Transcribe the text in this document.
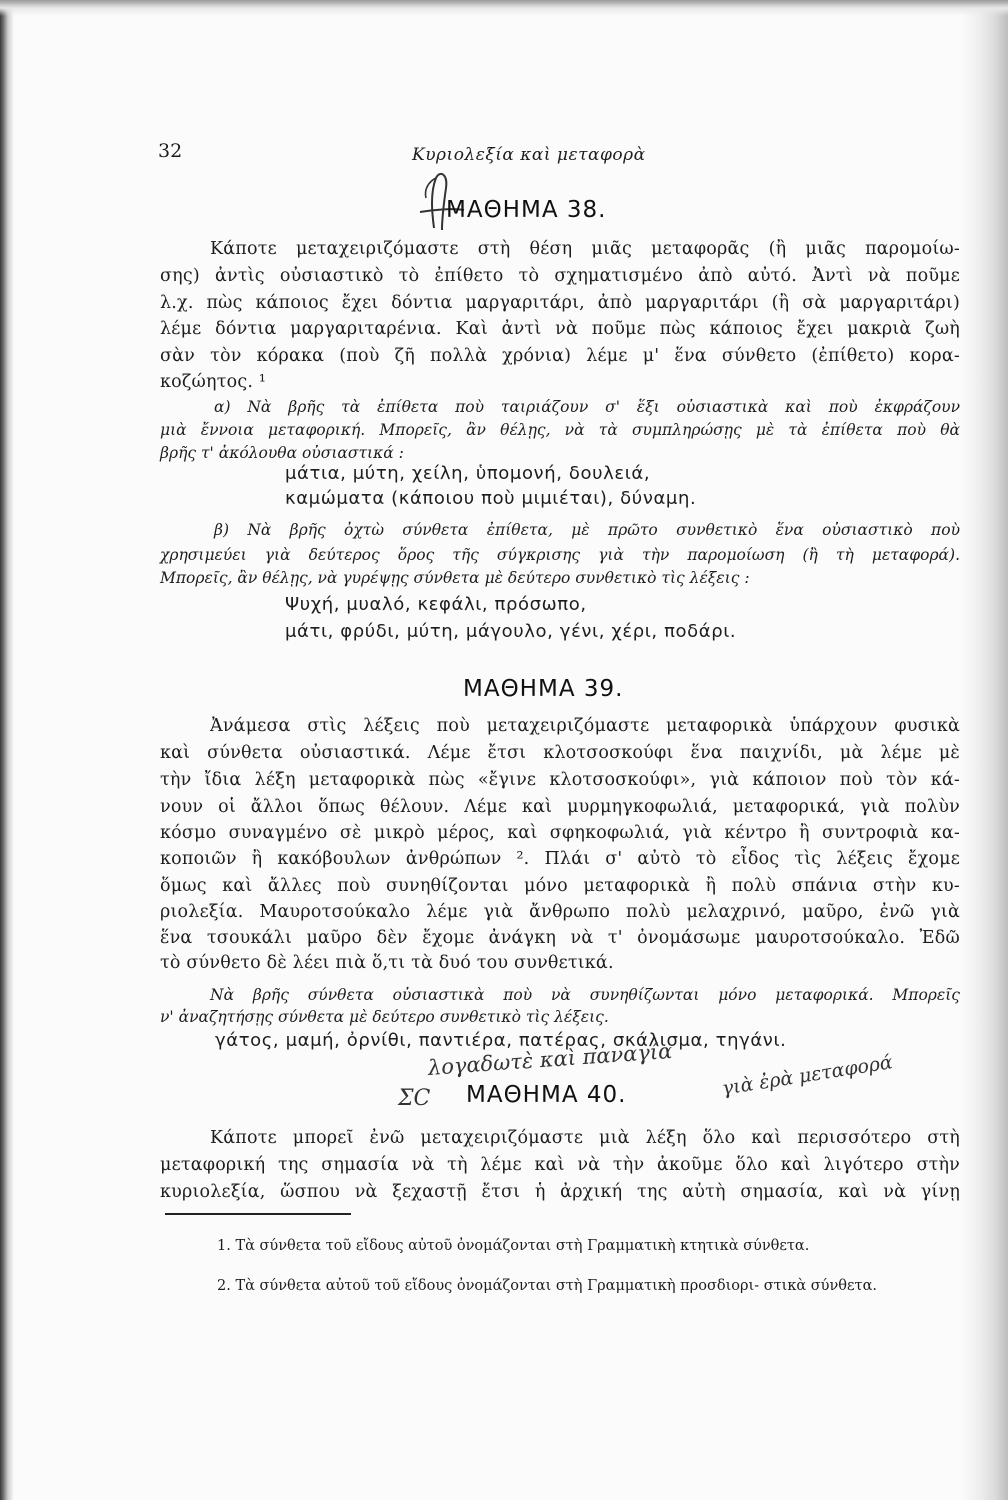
32	Κυριολεξία καὶ μεταφορὰ
ΜΑΘΗΜΑ 38.
Κάποτε μεταχειριζόμαστε στὴ θέση μιᾶς μεταφορᾶς (ἢ μιᾶς παρομοίω-
σης) ἀντὶς οὐσιαστικὸ τὸ ἐπίθετο τὸ σχηματισμένο ἀπὸ αὐτό. Ἀντὶ νὰ ποῦμε
λ.χ. πὼς κάποιος ἔχει δόντια μαργαριτάρι, ἀπὸ μαργαριτάρι (ἢ σὰ μαργαριτάρι)
λέμε δόντια μαργαριταρένια. Καὶ ἀντὶ νὰ ποῦμε πὼς κάποιος ἔχει μακριὰ ζωὴ
σὰν τὸν κόρακα (ποὺ ζῆ πολλὰ χρόνια) λέμε μ' ἕνα σύνθετο (ἐπίθετο) κορα-
κοζώητος. ¹
α) Νὰ βρῆς τὰ ἐπίθετα ποὺ ταιριάζουν σ' ἕξι οὐσιαστικὰ καὶ ποὺ ἐκφράζουν
μιὰ ἔννοια μεταφορική. Μπορεῖς, ἂν θέλῃς, νὰ τὰ συμπληρώσῃς μὲ τὰ ἐπίθετα ποὺ θὰ
βρῆς τ' ἀκόλουθα οὐσιαστικά :
μάτια, μύτη, χείλη, ὑπομονή, δουλειά,
καμώματα (κάποιου ποὺ μιμιέται), δύναμη.
β) Νὰ βρῆς ὀχτὼ σύνθετα ἐπίθετα, μὲ πρῶτο συνθετικὸ ἕνα οὐσιαστικὸ ποὺ
χρησιμεύει γιὰ δεύτερος ὅρος τῆς σύγκρισης γιὰ τὴν παρομοίωση (ἢ τὴ μεταφορά).
Μπορεῖς, ἂν θέλῃς, νὰ γυρέψῃς σύνθετα μὲ δεύτερο συνθετικὸ τὶς λέξεις :
Ψυχή, μυαλό, κεφάλι, πρόσωπο,
μάτι, φρύδι, μύτη, μάγουλο, γένι, χέρι, ποδάρι.
ΜΑΘΗΜΑ 39.
Ἀνάμεσα στὶς λέξεις ποὺ μεταχειριζόμαστε μεταφορικὰ ὑπάρχουν φυσικὰ
καὶ σύνθετα οὐσιαστικά. Λέμε ἔτσι κλοτσοσκούφι ἕνα παιχνίδι, μὰ λέμε μὲ
τὴν ἴδια λέξη μεταφορικὰ πὼς «ἔγινε κλοτσοσκούφι», γιὰ κάποιον ποὺ τὸν κά-
νουν οἱ ἄλλοι ὅπως θέλουν. Λέμε καὶ μυρμηγκοφωλιά, μεταφορικά, γιὰ πολὺν
κόσμο συναγμένο σὲ μικρὸ μέρος, καὶ σφηκοφωλιά, γιὰ κέντρο ἢ συντροφιὰ κα-
κοποιῶν ἢ κακόβουλων ἀνθρώπων ². Πλάι σ' αὐτὸ τὸ εἶδος τὶς λέξεις ἔχομε
ὅμως καὶ ἄλλες ποὺ συνηθίζονται μόνο μεταφορικὰ ἢ πολὺ σπάνια στὴν κυ-
ριολεξία. Μαυροτσούκαλο λέμε γιὰ ἄνθρωπο πολὺ μελαχρινό, μαῦρο, ἐνῶ γιὰ
ἕνα τσουκάλι μαῦρο δὲν ἔχομε ἀνάγκη νὰ τ' ὀνομάσωμε μαυροτσούκαλο. Ἐδῶ
τὸ σύνθετο δὲ λέει πιὰ ὅ,τι τὰ δυό του συνθετικά.
Νὰ βρῆς σύνθετα οὐσιαστικὰ ποὺ νὰ συνηθίζωνται μόνο μεταφορικά. Μπορεῖς
ν' ἀναζητήσῃς σύνθετα μὲ δεύτερο συνθετικὸ τὶς λέξεις.
γάτος, μαμή, ὀρνίθι, παντιέρα, πατέρας, σκάλισμα, τηγάνι.
λογαδωτὲ καὶ παναγία γιὰ ἐρὰ μεταφορά
ΣC ΜΑΘΗΜΑ 40.
Κάποτε μπορεῖ ἐνῶ μεταχειριζόμαστε μιὰ λέξη ὅλο καὶ περισσότερο στὴ
μεταφορική της σημασία νὰ τὴ λέμε καὶ νὰ τὴν ἀκοῦμε ὅλο καὶ λιγότερο στὴν
κυριολεξία, ὥσπου νὰ ξεχαστῇ ἔτσι ἡ ἀρχική της αὐτὴ σημασία, καὶ νὰ γίνῃ
1. Τὰ σύνθετα τοῦ εἴδους αὐτοῦ ὀνομάζονται στὴ Γραμματικὴ κτητικὰ σύνθετα.
2. Τὰ σύνθετα αὐτοῦ τοῦ εἴδους ὀνομάζονται στὴ Γραμματικὴ προσδιορι- στικὰ σύνθετα.
